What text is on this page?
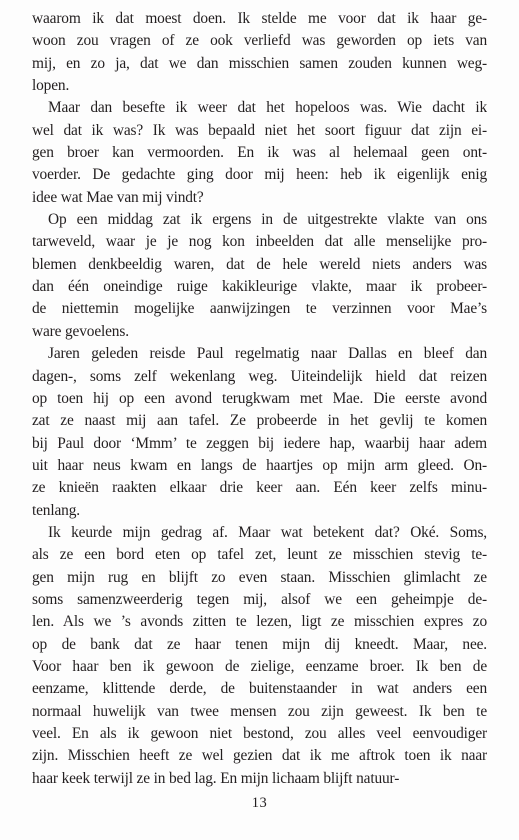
waarom ik dat moest doen. Ik stelde me voor dat ik haar ge-
woon zou vragen of ze ook verliefd was geworden op iets van
mij, en zo ja, dat we dan misschien samen zouden kunnen weg-
lopen.
Maar dan besefte ik weer dat het hopeloos was. Wie dacht ik
wel dat ik was? Ik was bepaald niet het soort figuur dat zijn ei-
gen broer kan vermoorden. En ik was al helemaal geen ont-
voerder. De gedachte ging door mij heen: heb ik eigenlijk enig
idee wat Mae van mij vindt?
Op een middag zat ik ergens in de uitgestrekte vlakte van ons
tarweveld, waar je je nog kon inbeelden dat alle menselijke pro-
blemen denkbeeldig waren, dat de hele wereld niets anders was
dan één oneindige ruige kakikleurige vlakte, maar ik probeer-
de niettemin mogelijke aanwijzingen te verzinnen voor Mae’s
ware gevoelens.
Jaren geleden reisde Paul regelmatig naar Dallas en bleef dan
dagen-, soms zelf wekenlang weg. Uiteindelijk hield dat reizen
op toen hij op een avond terugkwam met Mae. Die eerste avond
zat ze naast mij aan tafel. Ze probeerde in het gevlij te komen
bij Paul door ‘Mmm’ te zeggen bij iedere hap, waarbij haar adem
uit haar neus kwam en langs de haartjes op mijn arm gleed. On-
ze knieën raakten elkaar drie keer aan. Eén keer zelfs minu-
tenlang.
Ik keurde mijn gedrag af. Maar wat betekent dat? Oké. Soms,
als ze een bord eten op tafel zet, leunt ze misschien stevig te-
gen mijn rug en blijft zo even staan. Misschien glimlacht ze
soms samenzweerderig tegen mij, alsof we een geheimpje de-
len. Als we ’s avonds zitten te lezen, ligt ze misschien expres zo
op de bank dat ze haar tenen mijn dij kneedt. Maar, nee.
Voor haar ben ik gewoon de zielige, eenzame broer. Ik ben de
eenzame, klittende derde, de buitenstaander in wat anders een
normaal huwelijk van twee mensen zou zijn geweest. Ik ben te
veel. En als ik gewoon niet bestond, zou alles veel eenvoudiger
zijn. Misschien heeft ze wel gezien dat ik me aftrok toen ik naar
haar keek terwijl ze in bed lag. En mijn lichaam blijft natuur-
13
